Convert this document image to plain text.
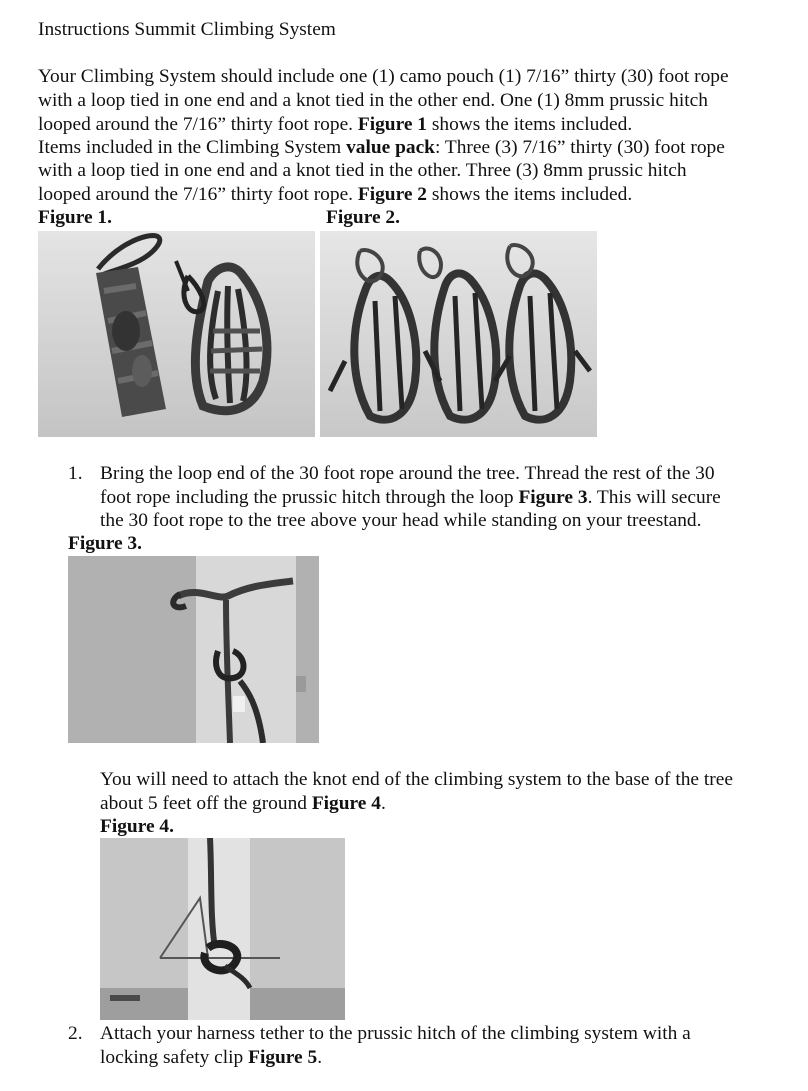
Instructions Summit Climbing System
Your Climbing System should include one (1) camo pouch (1) 7/16” thirty (30) foot rope
with a loop tied in one end and a knot tied in the other end. One (1) 8mm prussic hitch
looped around the 7/16” thirty foot rope. Figure 1 shows the items included.
Items included in the Climbing System value pack: Three (3) 7/16” thirty (30) foot rope
with a loop tied in one end and a knot tied in the other. Three (3) 8mm prussic hitch
looped around the 7/16” thirty foot rope. Figure 2 shows the items included.
Figure 1.	Figure 2.
1. Bring the loop end of the 30 foot rope around the tree. Thread the rest of the 30
foot rope including the prussic hitch through the loop Figure 3. This will secure
the 30 foot rope to the tree above your head while standing on your treestand.
Figure 3.
You will need to attach the knot end of the climbing system to the base of the tree
about 5 feet off the ground Figure 4.
Figure 4.
2. Attach your harness tether to the prussic hitch of the climbing system with a
locking safety clip Figure 5.
